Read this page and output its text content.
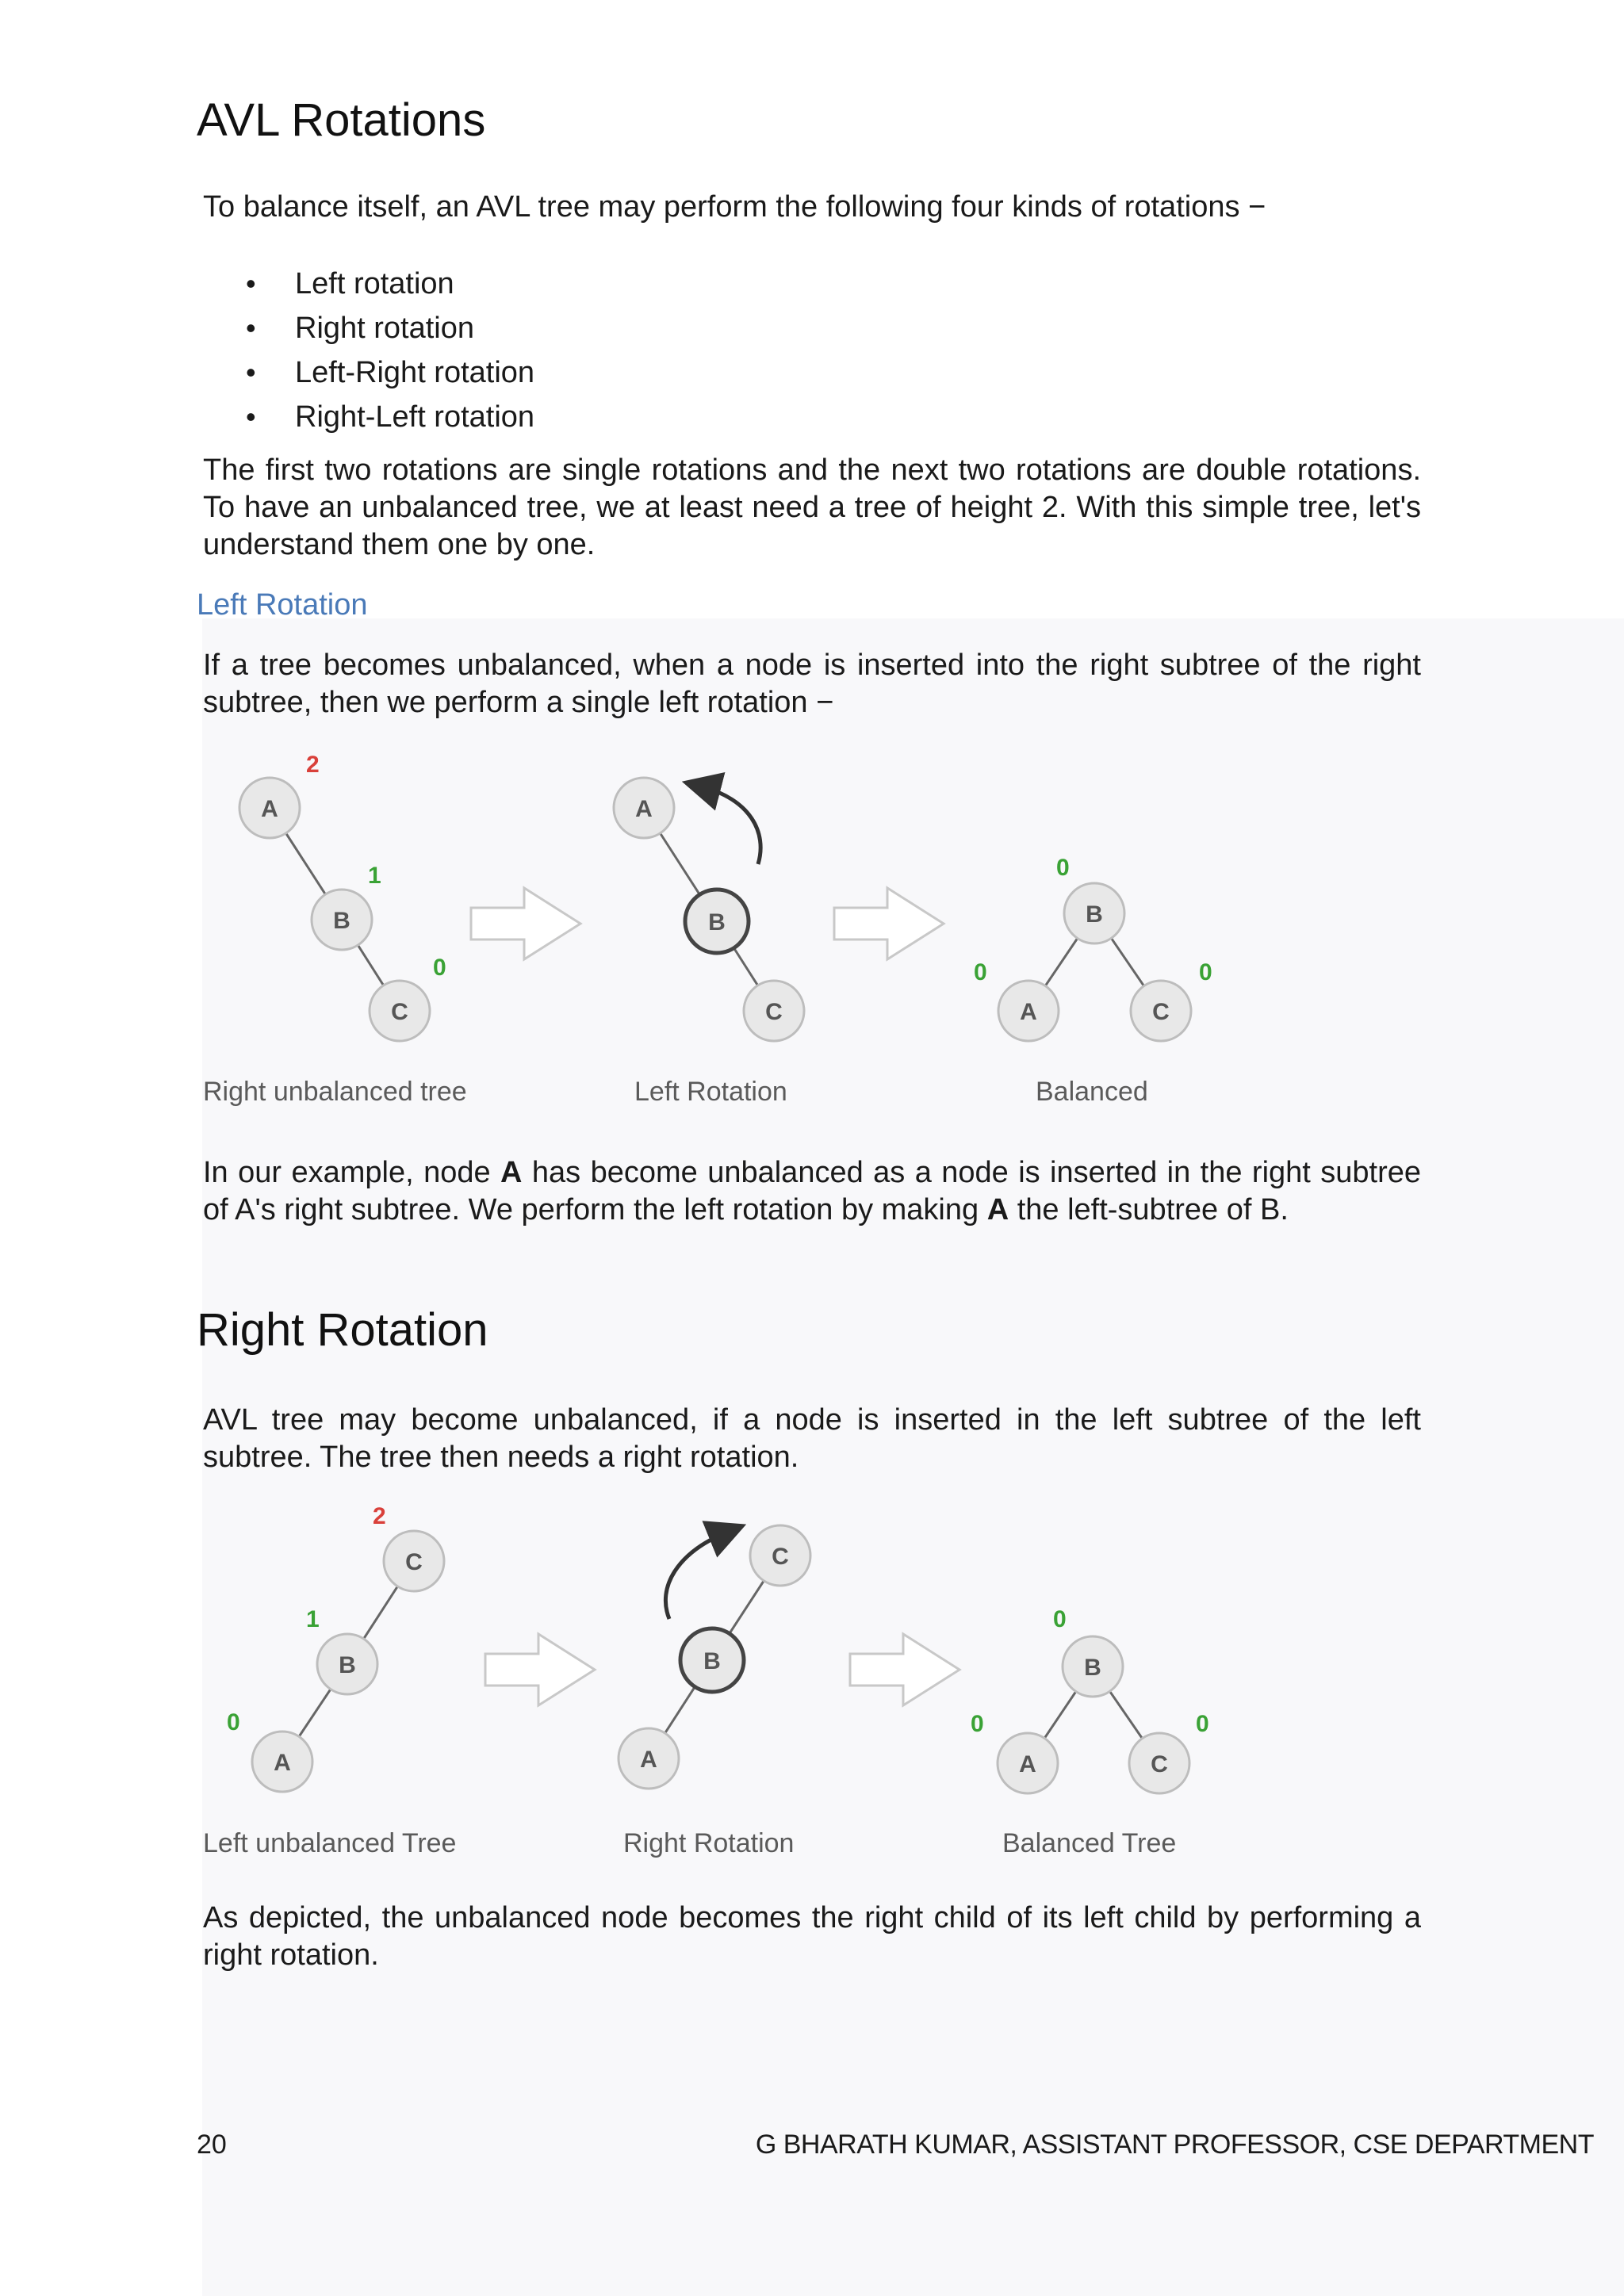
AVL Rotations

To balance itself, an AVL tree may perform the following four kinds of rotations −

• Left rotation
• Right rotation
• Left-Right rotation
• Right-Left rotation

The first two rotations are single rotations and the next two rotations are double rotations. To have an unbalanced tree, we at least need a tree of height 2. With this simple tree, let's understand them one by one.

Left Rotation

If a tree becomes unbalanced, when a node is inserted into the right subtree of the right subtree, then we perform a single left rotation −

A
B
C
2
1
0
A
B
C
B
A	C
0
0	0
Right unbalanced tree	Left Rotation	Balanced

In our example, node A has become unbalanced as a node is inserted in the right subtree of A's right subtree. We perform the left rotation by making A the left-subtree of B.

Right Rotation

AVL tree may become unbalanced, if a node is inserted in the left subtree of the left subtree. The tree then needs a right rotation.

C
B
A
2
1
0
C
B
A
B
A	C
0
0	0
Left unbalanced Tree	Right Rotation	Balanced Tree

As depicted, the unbalanced node becomes the right child of its left child by performing a right rotation.

20	G BHARATH KUMAR, ASSISTANT PROFESSOR, CSE DEPARTMENT
